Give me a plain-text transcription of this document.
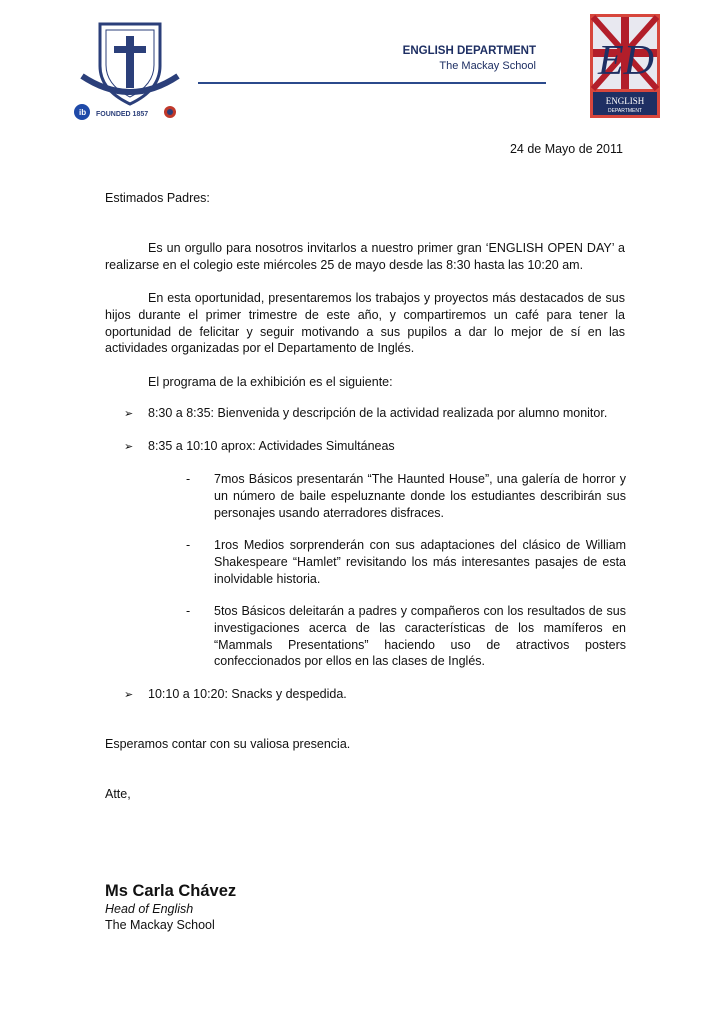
ib FOUNDED 1857
ENGLISH DEPARTMENT
The Mackay School ED
ENGLISH
DEPARTMENT
24 de Mayo de 2011
Estimados Padres:
Es un orgullo para nosotros invitarlos a nuestro primer gran ‘ENGLISH OPEN DAY’ a realizarse en el colegio este miércoles 25 de mayo desde las 8:30 hasta las 10:20 am.
En esta oportunidad, presentaremos los trabajos y proyectos más destacados de sus hijos durante el primer trimestre de este año, y compartiremos un café para tener la oportunidad de felicitar y seguir motivando a sus pupilos a dar lo mejor de sí en las actividades organizadas por el Departamento de Inglés.
El programa de la exhibición es el siguiente:
➢	8:30 a 8:35: Bienvenida y descripción de la actividad realizada por alumno monitor.
➢	8:35 a 10:10 aprox: Actividades Simultáneas
-	7mos Básicos presentarán “The Haunted House”, una galería de horror y un número de baile espeluznante donde los estudiantes describirán sus personajes usando aterradores disfraces.
-	1ros Medios sorprenderán con sus adaptaciones del clásico de William Shakespeare “Hamlet” revisitando los más interesantes pasajes de esta inolvidable historia.
-	5tos Básicos deleitarán a padres y compañeros con los resultados de sus investigaciones acerca de las características de los mamíferos en “Mammals Presentations” haciendo uso de atractivos posters confeccionados por ellos en las clases de Inglés.
➢	10:10 a 10:20: Snacks y despedida.
Esperamos contar con su valiosa presencia.
Atte,
Ms Carla Chávez
Head of English
The Mackay School
